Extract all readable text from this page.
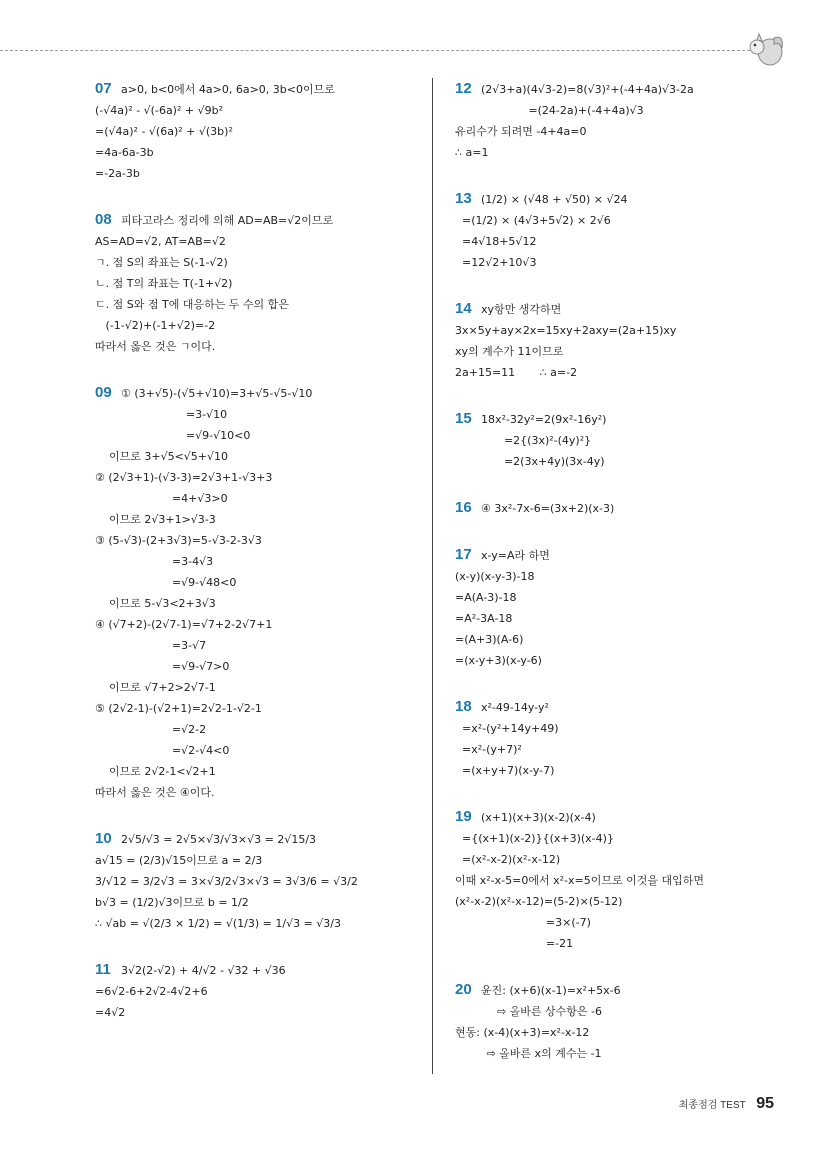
07 a>0, b<0에서 4a>0, 6a>0, 3b<0이므로
(-√4a)² - √(-6a)² + √9b²
=(√4a)² - √(6a)² + √(3b)²
=4a-6a-3b
=-2a-3b
08 피타고라스 정리에 의해 AD=AB=√2이므로
AS=AD=√2, AT=AB=√2
ㄱ. 점 S의 좌표는 S(-1-√2)
ㄴ. 점 T의 좌표는 T(-1+√2)
ㄷ. 점 S와 점 T에 대응하는 두 수의 합은
(-1-√2)+(-1+√2)=-2
따라서 옳은 것은 ㄱ이다.
09 ① (3+√5)-(√5+√10)=3+√5-√5-√10
=3-√10
=√9-√10<0
이므로 3+√5<√5+√10
② (2√3+1)-(√3-3)=2√3+1-√3+3
=4+√3>0
이므로 2√3+1>√3-3
③ (5-√3)-(2+3√3)=5-√3-2-3√3
=3-4√3
=√9-√48<0
이므로 5-√3<2+3√3
④ (√7+2)-(2√7-1)=√7+2-2√7+1
=3-√7
=√9-√7>0
이므로 √7+2>2√7-1
⑤ (2√2-1)-(√2+1)=2√2-1-√2-1
=√2-2
=√2-√4<0
이므로 2√2-1<√2+1
따라서 옳은 것은 ④이다.
10 2√5/√3 = 2√5×√3/√3×√3 = 2√15/3
a√15 = (2/3)√15이므로 a = 2/3
3/√12 = 3/2√3 = 3×√3/2√3×√3 = 3√3/6 = √3/2
b√3 = (1/2)√3이므로 b = 1/2
∴ √ab = √(2/3 × 1/2) = √(1/3) = 1/√3 = √3/3
11 3√2(2-√2) + 4/√2 - √32 + √36
=6√2-6+2√2-4√2+6
=4√2
12 (2√3+a)(4√3-2)=8(√3)²+(-4+4a)√3-2a
=(24-2a)+(-4+4a)√3
유리수가 되려면 -4+4a=0
∴ a=1
13 (1/2) × (√48 + √50) × √24
=(1/2) × (4√3+5√2) × 2√6
=4√18+5√12
=12√2+10√3
14 xy항만 생각하면
3x×5y+ay×2x=15xy+2axy=(2a+15)xy
xy의 계수가 11이므로
2a+15=11       ∴ a=-2
15 18x²-32y²=2(9x²-16y²)
=2{(3x)²-(4y)²}
=2(3x+4y)(3x-4y)
16 ④ 3x²-7x-6=(3x+2)(x-3)
17 x-y=A라 하면
(x-y)(x-y-3)-18
=A(A-3)-18
=A²-3A-18
=(A+3)(A-6)
=(x-y+3)(x-y-6)
18 x²-49-14y-y²
=x²-(y²+14y+49)
=x²-(y+7)²
=(x+y+7)(x-y-7)
19 (x+1)(x+3)(x-2)(x-4)
={(x+1)(x-2)}{(x+3)(x-4)}
=(x²-x-2)(x²-x-12)
이때 x²-x-5=0에서 x²-x=5이므로 이것을 대입하면
(x²-x-2)(x²-x-12)=(5-2)×(5-12)
=3×(-7)
=-21
20 윤진: (x+6)(x-1)=x²+5x-6
⇨ 올바른 상수항은 -6
현동: (x-4)(x+3)=x²-x-12
⇨ 올바른 x의 계수는 -1
최종점검 TEST 95
